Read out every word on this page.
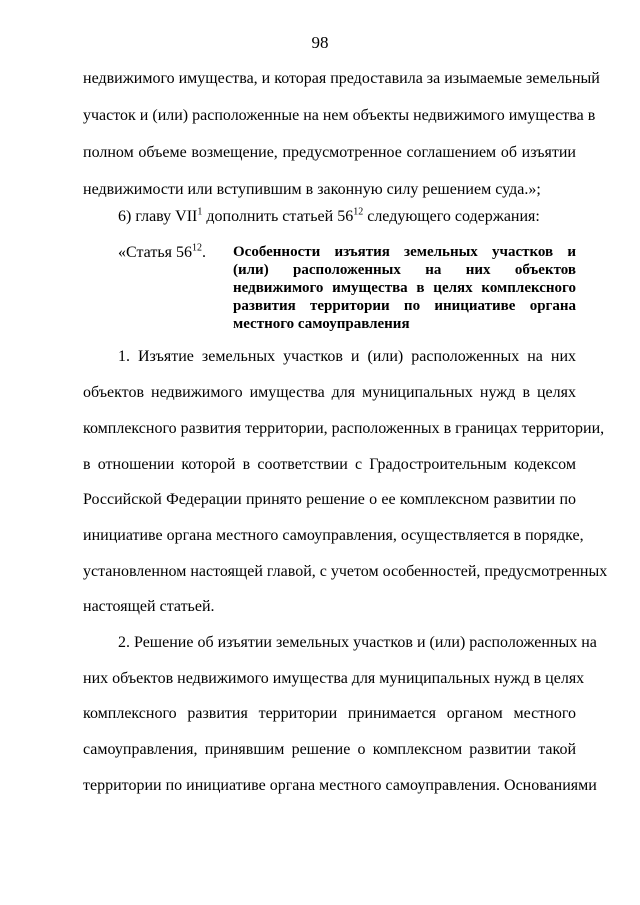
98
недвижимого имущества, и которая предоставила за изымаемые земельный
участок и (или) расположенные на нем объекты недвижимого имущества в
полном объеме возмещение, предусмотренное соглашением об изъятии
недвижимости или вступившим в законную силу решением суда.»;
6) главу VII$^1$ дополнить статьей $56^{12}$ следующего содержания:
«Статья $56^{12}$. Особенности изъятия земельных участков и
(или) расположенных на них объектов
недвижимого имущества в целях комплексного
развития территории по инициативе органа
местного самоуправления
1. Изъятие земельных участков и (или) расположенных на них
объектов недвижимого имущества для муниципальных нужд в целях
комплексного развития территории, расположенных в границах территории,
в отношении которой в соответствии с Градостроительным кодексом
Российской Федерации принято решение о ее комплексном развитии по
инициативе органа местного самоуправления, осуществляется в порядке,
установленном настоящей главой, с учетом особенностей, предусмотренных
настоящей статьей.
2. Решение об изъятии земельных участков и (или) расположенных на
них объектов недвижимого имущества для муниципальных нужд в целях
комплексного развития территории принимается органом местного
самоуправления, принявшим решение о комплексном развитии такой
территории по инициативе органа местного самоуправления. Основаниями
